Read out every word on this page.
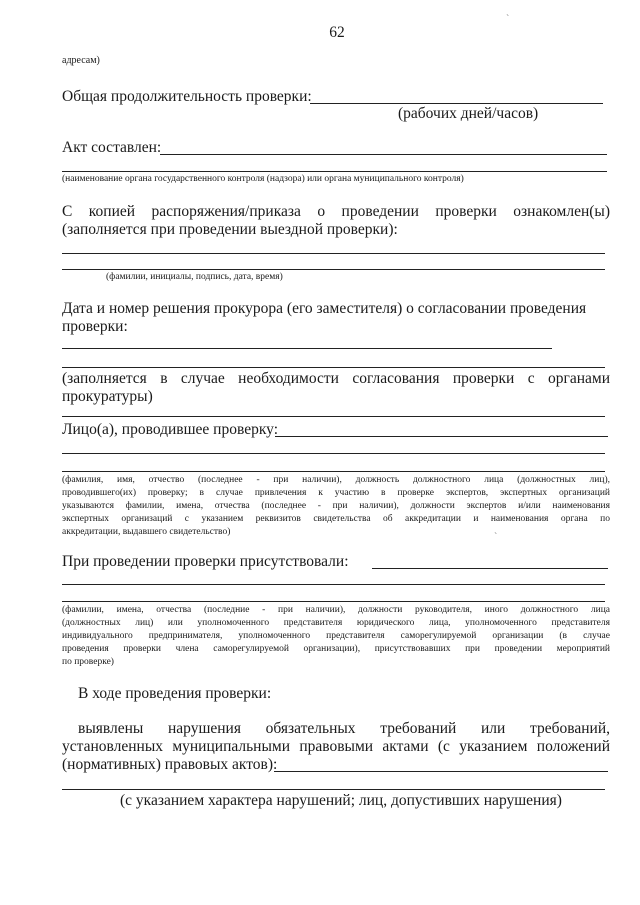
62
`
адресам)
Общая продолжительность проверки:
(рабочих дней/часов)
Акт составлен:
(наименование органа государственного контроля (надзора) или органа муниципального контроля)
С копией распоряжения/приказа о проведении проверки ознакомлен(ы)
(заполняется при проведении выездной проверки):
(фамилии, инициалы, подпись, дата, время)
Дата и номер решения прокурора (его заместителя) о согласовании проведения
проверки:
(заполняется в случае необходимости согласования проверки с органами
прокуратуры)
Лицо(а), проводившее проверку:
(фамилия, имя, отчество (последнее - при наличии), должность должностного лица (должностных лиц),
проводившего(их) проверку; в случае привлечения к участию в проверке экспертов, экспертных организаций
указываются фамилии, имена, отчества (последнее - при наличии), должности экспертов и/или наименования
экспертных организаций с указанием реквизитов свидетельства об аккредитации и наименования органа по
аккредитации, выдавшего свидетельство)	`
При проведении проверки присутствовали:
(фамилии, имена, отчества (последние - при наличии), должности руководителя, иного должностного лица
(должностных лиц) или уполномоченного представителя юридического лица, уполномоченного представителя
индивидуального предпринимателя, уполномоченного представителя саморегулируемой организации (в случае
проведения проверки члена саморегулируемой организации), присутствовавших при проведении мероприятий
по проверке)
В ходе проведения проверки:
выявлены нарушения обязательных требований или требований,
установленных муниципальными правовыми актами (с указанием положений
(нормативных) правовых актов):
(с указанием характера нарушений; лиц, допустивших нарушения)
